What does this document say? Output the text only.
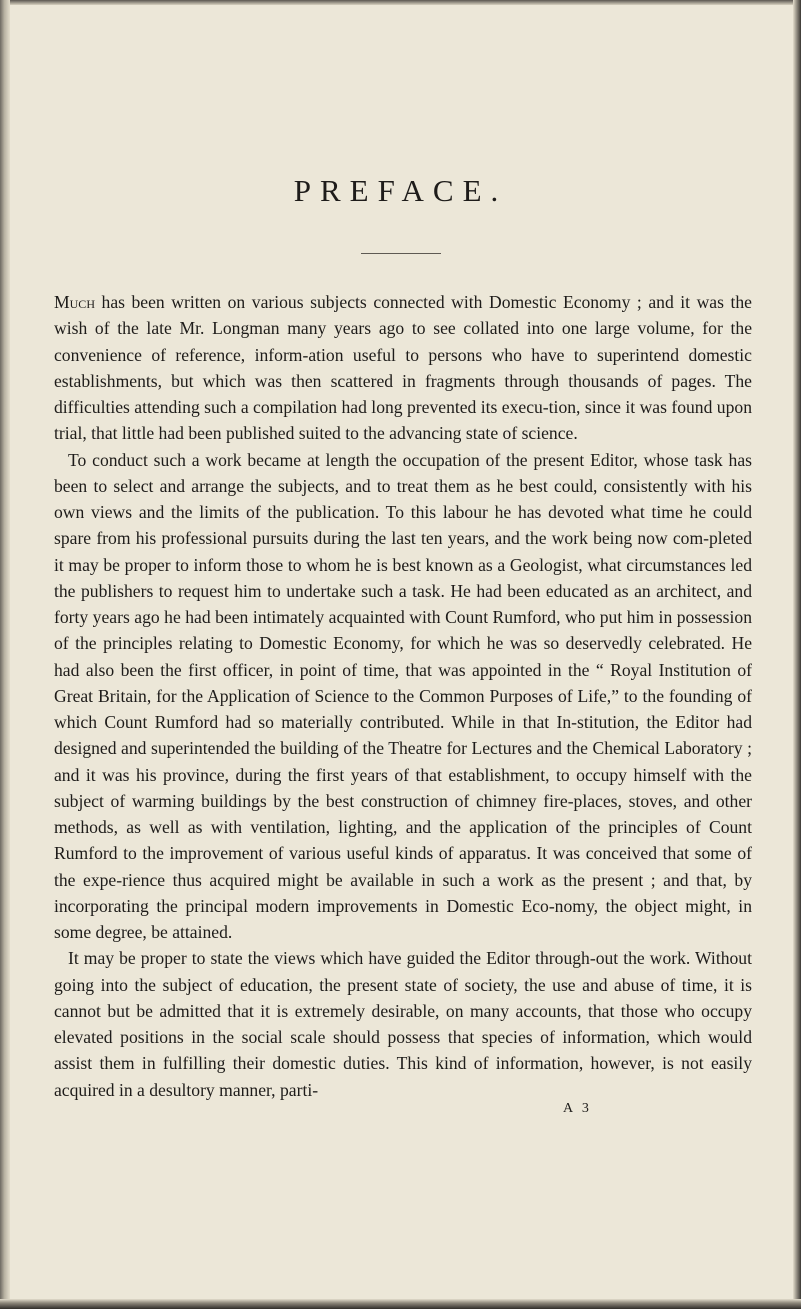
PREFACE.

Much has been written on various subjects connected with Domestic Economy ; and it was the wish of the late Mr. Longman many years ago to see collated into one large volume, for the convenience of reference, inform-ation useful to persons who have to superintend domestic establishments, but which was then scattered in fragments through thousands of pages. The difficulties attending such a compilation had long prevented its execu-tion, since it was found upon trial, that little had been published suited to the advancing state of science.

To conduct such a work became at length the occupation of the present Editor, whose task has been to select and arrange the subjects, and to treat them as he best could, consistently with his own views and the limits of the publication. To this labour he has devoted what time he could spare from his professional pursuits during the last ten years, and the work being now com-pleted it may be proper to inform those to whom he is best known as a Geologist, what circumstances led the publishers to request him to undertake such a task. He had been educated as an architect, and forty years ago he had been intimately acquainted with Count Rumford, who put him in possession of the principles relating to Domestic Economy, for which he was so deservedly celebrated. He had also been the first officer, in point of time, that was appointed in the “ Royal Institution of Great Britain, for the Application of Science to the Common Purposes of Life,” to the founding of which Count Rumford had so materially contributed. While in that In-stitution, the Editor had designed and superintended the building of the Theatre for Lectures and the Chemical Laboratory ; and it was his province, during the first years of that establishment, to occupy himself with the subject of warming buildings by the best construction of chimney fire-places, stoves, and other methods, as well as with ventilation, lighting, and the application of the principles of Count Rumford to the improvement of various useful kinds of apparatus. It was conceived that some of the expe-rience thus acquired might be available in such a work as the present ; and that, by incorporating the principal modern improvements in Domestic Eco-nomy, the object might, in some degree, be attained.

It may be proper to state the views which have guided the Editor through-out the work. Without going into the subject of education, the present state of society, the use and abuse of time, it is cannot but be admitted that it is extremely desirable, on many accounts, that those who occupy elevated positions in the social scale should possess that species of information, which would assist them in fulfilling their domestic duties. This kind of information, however, is not easily acquired in a desultory manner, parti-

A 3
